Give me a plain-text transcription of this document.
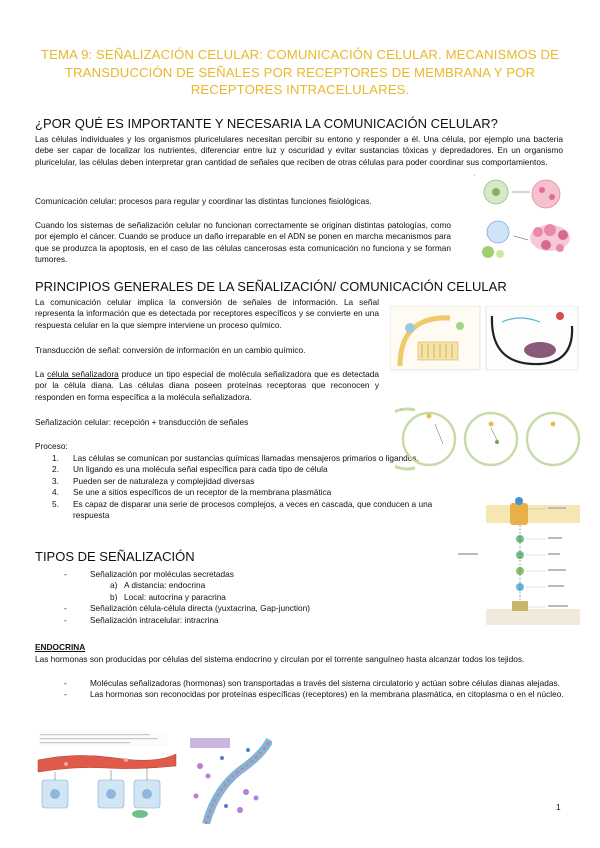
TEMA 9: SEÑALIZACIÓN CELULAR: COMUNICACIÓN CELULAR. MECANISMOS DE TRANSDUCCIÓN DE SEÑALES POR RECEPTORES DE MEMBRANA Y POR RECEPTORES INTRACELULARES.
¿POR QUÉ ES IMPORTANTE Y NECESARIA LA COMUNICACIÓN CELULAR?

Las células individuales y los organismos pluricelulares necesitan percibir su entono y responder a él. Una célula, por ejemplo una bacteria debe ser capar de localizar los nutrientes, diferenciar entre luz y oscuridad y evitar sustancias tóxicas y depredadores. En un organismo pluricelular, las células deben interpretar gran cantidad de señales que reciben de otras células para poder coordinar sus comportamientos.

Comunicación celular: procesos para regular y coordinar las distintas funciones fisiológicas.

Cuando los sistemas de señalización celular no funcionan correctamente se originan distintas patologías, como por ejemplo el cáncer. Cuando se produce un daño irreparable en el ADN se ponen en marcha mecanismos para que se produzca la apoptosis, en el caso de las células cancerosas esta comunicación no funciona y se forman tumores.

▪
PRINCIPIOS GENERALES DE LA SEÑALIZACIÓN/ COMUNICACIÓN CELULAR

La comunicación celular implica la conversión de señales de información. La señal representa la información que es detectada por receptores específicos y se convierte en una respuesta celular en la que siempre interviene un proceso químico.

Transducción de señal: conversión de información en un cambio químico.

La célula señalizadora produce un tipo especial de molécula señalizadora que es detectada por la célula diana. Las células diana poseen proteínas receptoras que reconocen y responden en forma específica a la molécula señalizadora.

Señalización celular: recepción + transducción de señales

Proceso:

1. Las células se comunican por sustancias químicas llamadas mensajeros primarios o ligandos.
2. Un ligando es una molécula señal específica para cada tipo de célula
3. Pueden ser de naturaleza y complejidad diversas
4. Se une a sitios específicos de un receptor de la membrana plasmática
5. Es capaz de disparar una serie de procesos complejos, a veces en cascada, que conducen a una respuesta
▪
TIPOS DE SEÑALIZACIÓN
- Señalización por moléculas secretadas
a) A distancia: endocrina
b) Local: autocrina y paracrina
- Señalización célula-célula directa (yuxtacrina, Gap-junction)
- Señalización intracelular: intracrina

ENDOCRINA

Las hormonas son producidas por células del sistema endocrino y circulan por el torrente sanguíneo hasta alcanzar todos los tejidos.

- Moléculas señalizadoras (hormonas) son transportadas a través del sistema circulatorio y actúan sobre células dianas alejadas.
- Las hormonas son reconocidas por proteínas específicas (receptores) en la membrana plasmática, en citoplasma o en el núcleo.
1
